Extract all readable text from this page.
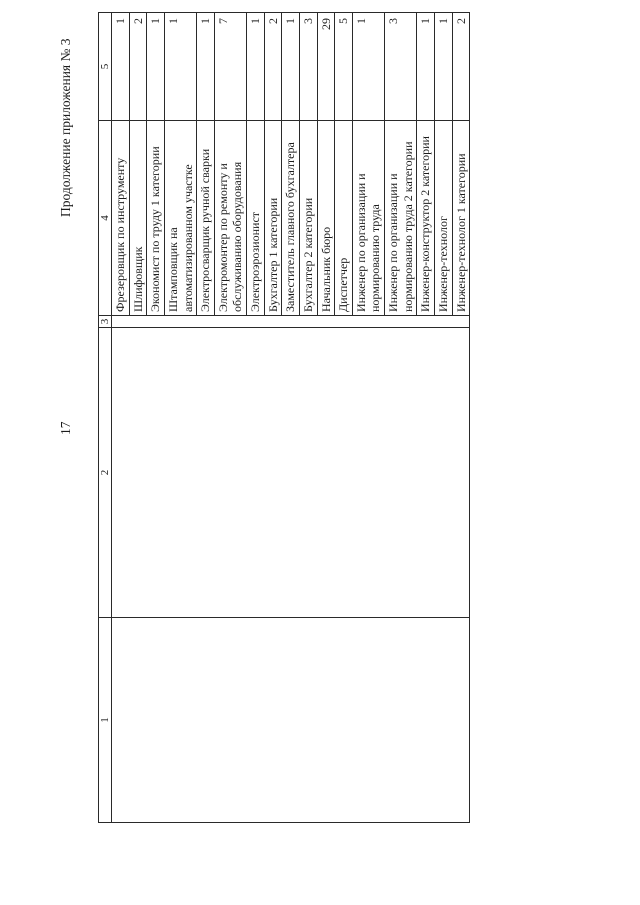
Продолжение приложения № 3
17
1	2	3	4	5
			Фрезеровщик по инструменту	1
			Шлифовщик	2
			Экономист по труду 1 категории	1
			Штамповщик на автоматизированном участке	1
			Электросварщик ручной сварки	1
			Электромонтер по ремонту и обслуживанию оборудования	7
			Электроэрозионист	1
			Бухгалтер 1 категории	2
			Заместитель главного бухгалтера	1
			Бухгалтер 2 категории	3
			Начальник бюро	29
			Диспетчер	5
			Инженер по организации и нормированию труда	1
			Инженер по организации и нормированию труда 2 категории	3
			Инженер-конструктор 2 категории	1
			Инженер-технолог	1
			Инженер-технолог 1 категории	2
